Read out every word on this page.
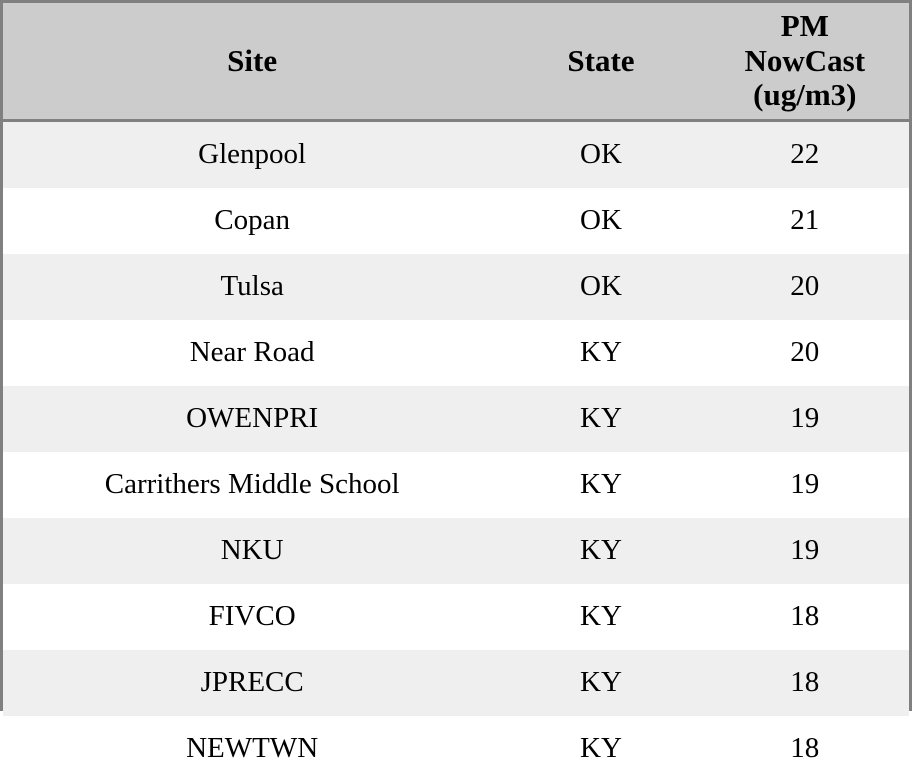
Site	State	PM
NowCast
(ug/m3)

Glenpool	OK	22
Copan	OK	21
Tulsa	OK	20
Near Road	KY	20
OWENPRI	KY	19
Carrithers Middle School	KY	19
NKU	KY	19
FIVCO	KY	18
JPRECC	KY	18
NEWTWN	KY	18
